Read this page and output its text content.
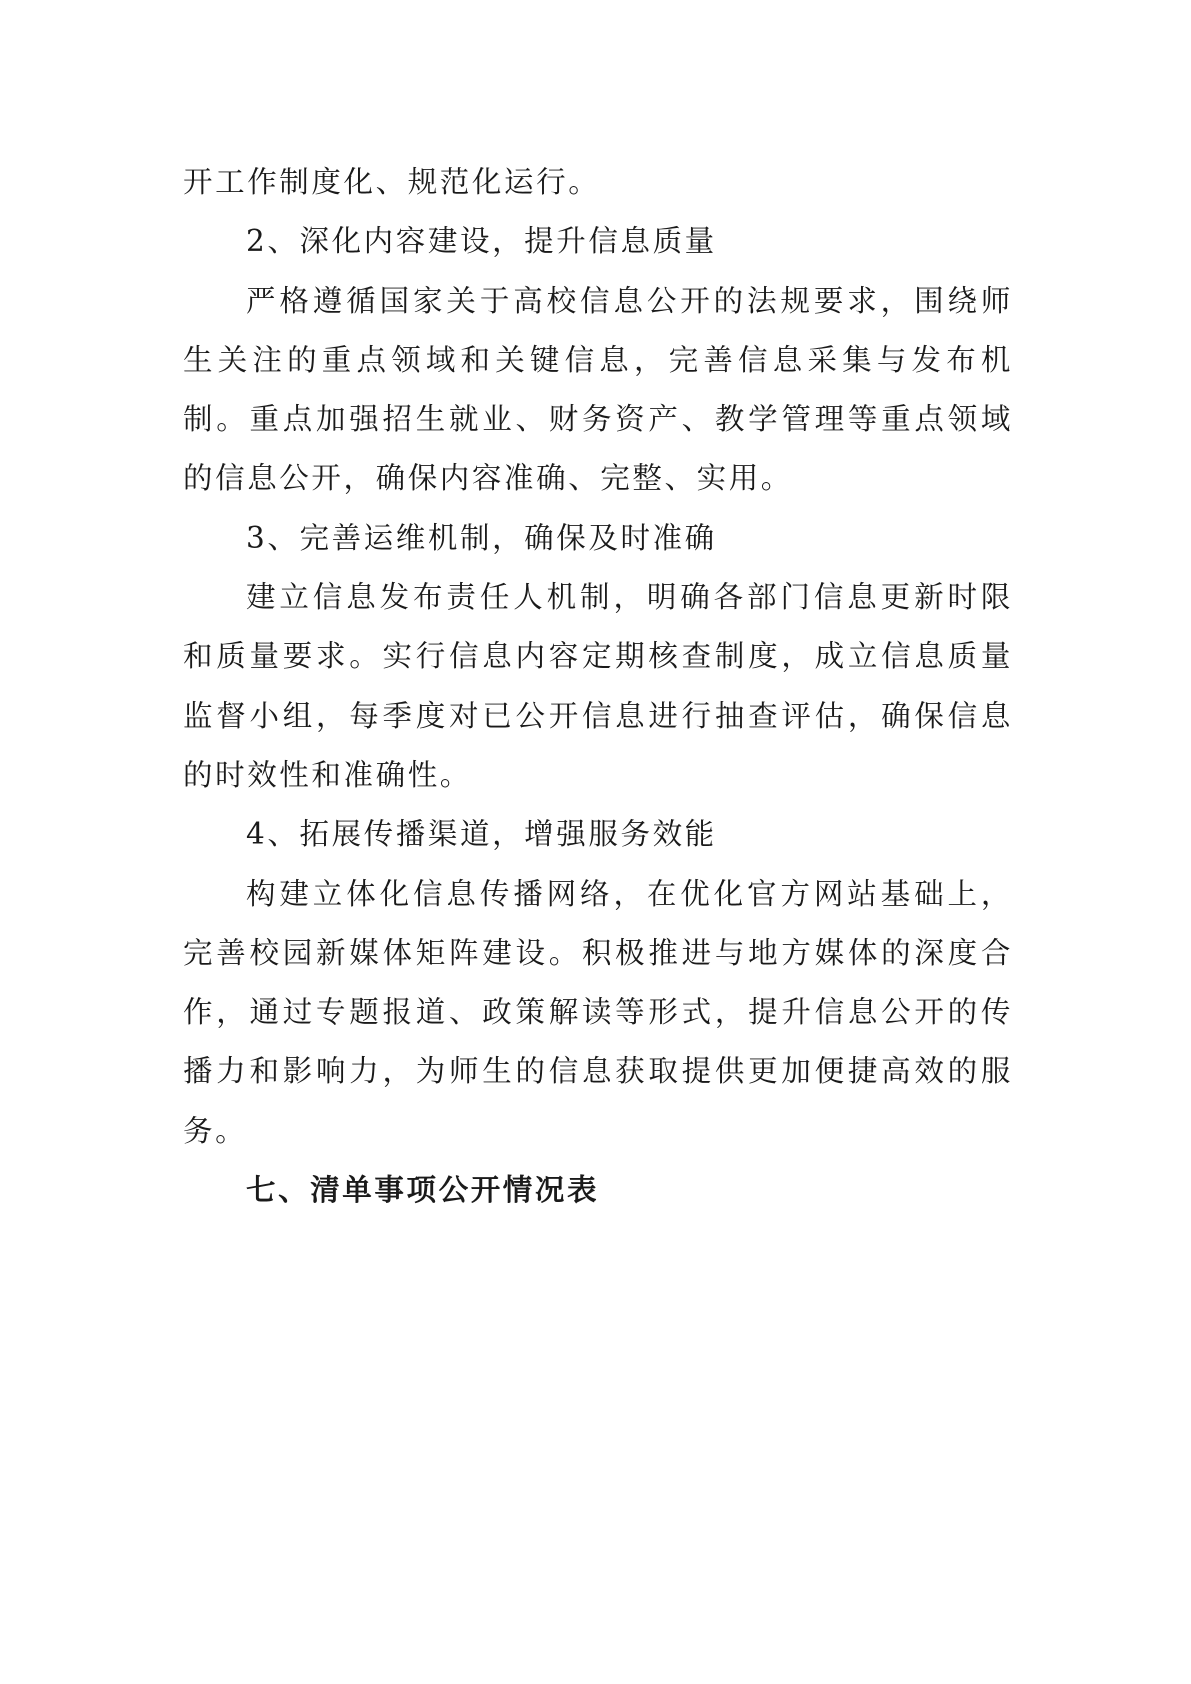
开工作制度化、规范化运行。

2、深化内容建设，提升信息质量

严格遵循国家关于高校信息公开的法规要求，围绕师生关注的重点领域和关键信息，完善信息采集与发布机制。重点加强招生就业、财务资产、教学管理等重点领域的信息公开，确保内容准确、完整、实用。

3、完善运维机制，确保及时准确

建立信息发布责任人机制，明确各部门信息更新时限和质量要求。实行信息内容定期核查制度，成立信息质量监督小组，每季度对已公开信息进行抽查评估，确保信息的时效性和准确性。

4、拓展传播渠道，增强服务效能

构建立体化信息传播网络，在优化官方网站基础上，完善校园新媒体矩阵建设。积极推进与地方媒体的深度合作，通过专题报道、政策解读等形式，提升信息公开的传播力和影响力，为师生的信息获取提供更加便捷高效的服务。

七、清单事项公开情况表
